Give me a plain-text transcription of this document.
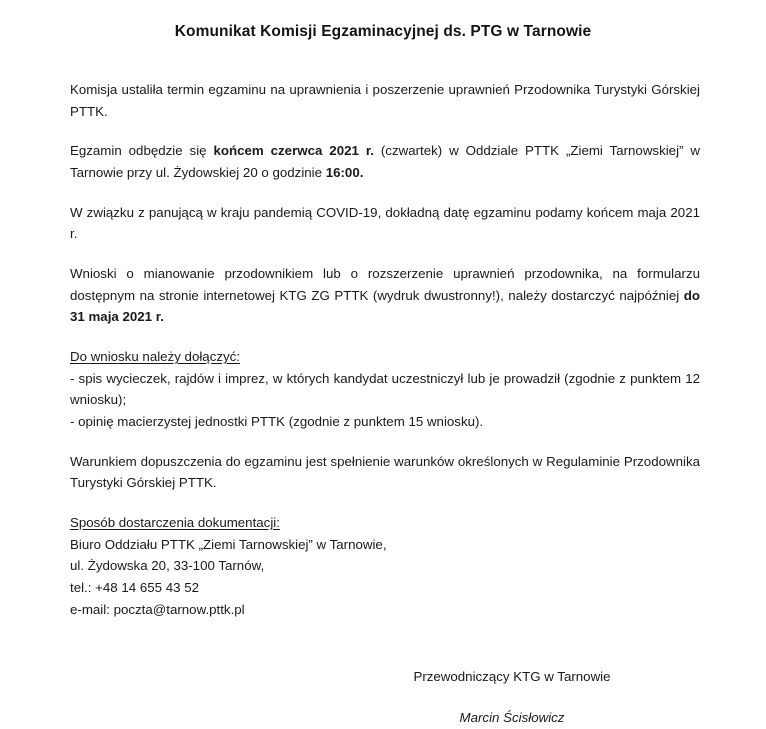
Komunikat Komisji Egzaminacyjnej ds. PTG w Tarnowie

Komisja ustaliła termin egzaminu na uprawnienia i poszerzenie uprawnień Przodownika Turystyki Górskiej PTTK.

Egzamin odbędzie się końcem czerwca 2021 r. (czwartek) w Oddziale PTTK „Ziemi Tarnowskiej” w Tarnowie przy ul. Żydowskiej 20 o godzinie 16:00.

W związku z panującą w kraju pandemią COVID-19, dokładną datę egzaminu podamy końcem maja 2021 r.

Wnioski o mianowanie przodownikiem lub o rozszerzenie uprawnień przodownika, na formularzu dostępnym na stronie internetowej KTG ZG PTTK (wydruk dwustronny!), należy dostarczyć najpóźniej do 31 maja 2021 r.

Do wniosku należy dołączyć:
- spis wycieczek, rajdów i imprez, w których kandydat uczestniczył lub je prowadził (zgodnie z punktem 12 wniosku);
- opinię macierzystej jednostki PTTK (zgodnie z punktem 15 wniosku).

Warunkiem dopuszczenia do egzaminu jest spełnienie warunków określonych w Regulaminie Przodownika Turystyki Górskiej PTTK.

Sposób dostarczenia dokumentacji:
Biuro Oddziału PTTK „Ziemi Tarnowskiej” w Tarnowie,
ul. Żydowska 20, 33-100 Tarnów,
tel.: +48 14 655 43 52
e-mail: poczta@tarnow.pttk.pl
Przewodniczący KTG w Tarnowie
Marcin Ścisłowicz
